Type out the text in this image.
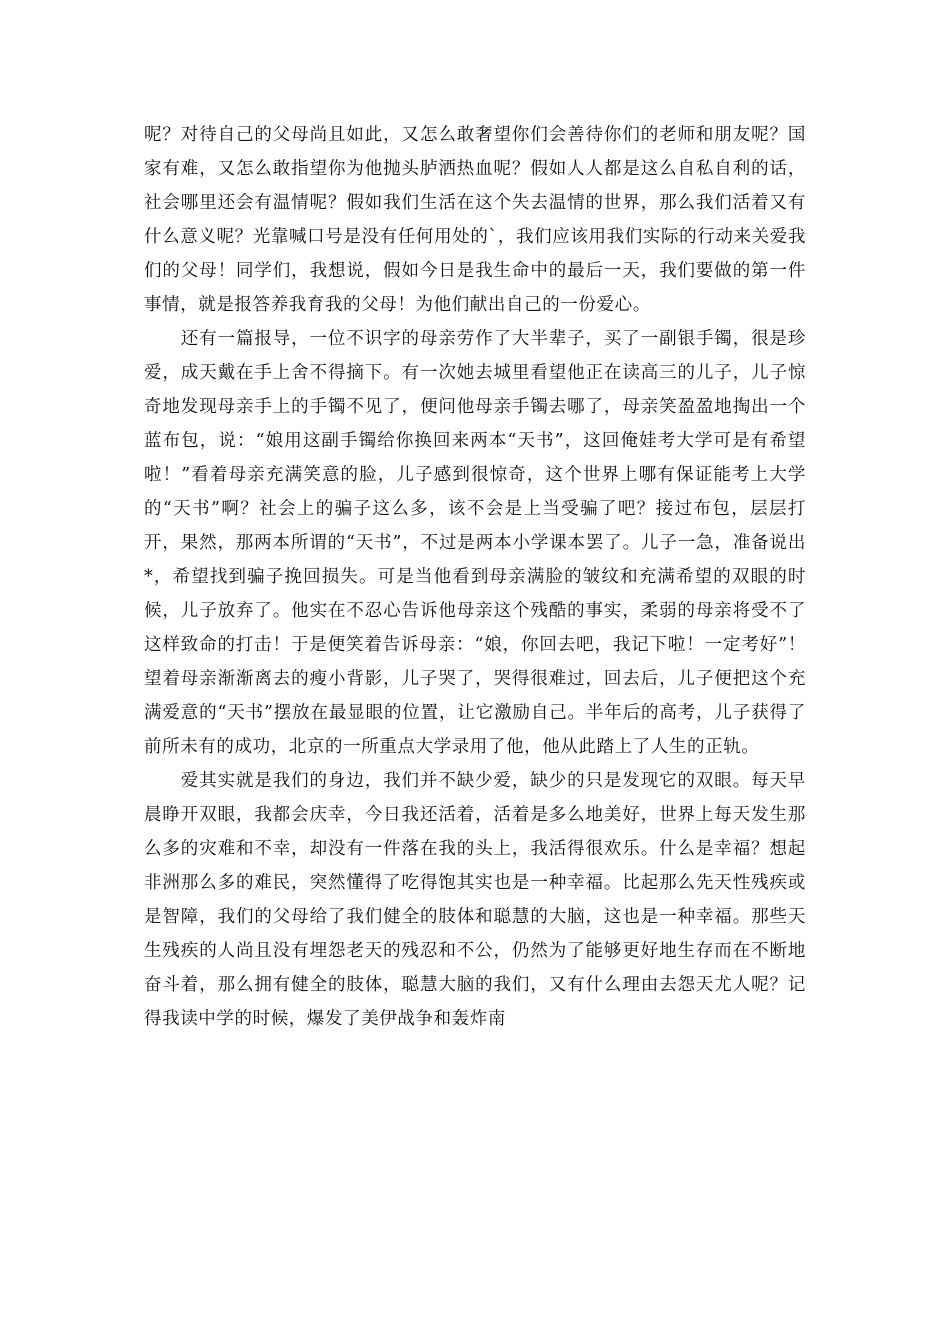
呢？对待自己的父母尚且如此，又怎么敢奢望你们会善待你们的老师和朋友呢？国家有难，又怎么敢指望你为他抛头胪洒热血呢？假如人人都是这么自私自利的话，社会哪里还会有温情呢？假如我们生活在这个失去温情的世界，那么我们活着又有什么意义呢？光靠喊口号是没有任何用处的`，我们应该用我们实际的行动来关爱我们的父母！同学们，我想说，假如今日是我生命中的最后一天，我们要做的第一件事情，就是报答养我育我的父母！为他们献出自己的一份爱心。

还有一篇报导，一位不识字的母亲劳作了大半辈子，买了一副银手镯，很是珍爱，成天戴在手上舍不得摘下。有一次她去城里看望他正在读高三的儿子，儿子惊奇地发现母亲手上的手镯不见了，便问他母亲手镯去哪了，母亲笑盈盈地掏出一个蓝布包，说：“娘用这副手镯给你换回来两本“天书”，这回俺娃考大学可是有希望啦！”看着母亲充满笑意的脸，儿子感到很惊奇，这个世界上哪有保证能考上大学的“天书”啊？社会上的骗子这么多，该不会是上当受骗了吧？接过布包，层层打开，果然，那两本所谓的“天书”，不过是两本小学课本罢了。儿子一急，准备说出*，希望找到骗子挽回损失。可是当他看到母亲满脸的皱纹和充满希望的双眼的时候，儿子放弃了。他实在不忍心告诉他母亲这个残酷的事实，柔弱的母亲将受不了这样致命的打击！于是便笑着告诉母亲：“娘，你回去吧，我记下啦！一定考好”！望着母亲渐渐离去的瘦小背影，儿子哭了，哭得很难过，回去后，儿子便把这个充满爱意的“天书”摆放在最显眼的位置，让它激励自己。半年后的高考，儿子获得了前所未有的成功，北京的一所重点大学录用了他，他从此踏上了人生的正轨。

爱其实就是我们的身边，我们并不缺少爱，缺少的只是发现它的双眼。每天早晨睁开双眼，我都会庆幸，今日我还活着，活着是多么地美好，世界上每天发生那么多的灾难和不幸，却没有一件落在我的头上，我活得很欢乐。什么是幸福？想起非洲那么多的难民，突然懂得了吃得饱其实也是一种幸福。比起那么先天性残疾或是智障，我们的父母给了我们健全的肢体和聪慧的大脑，这也是一种幸福。那些天生残疾的人尚且没有埋怨老天的残忍和不公，仍然为了能够更好地生存而在不断地奋斗着，那么拥有健全的肢体，聪慧大脑的我们，又有什么理由去怨天尤人呢？记得我读中学的时候，爆发了美伊战争和轰炸南
